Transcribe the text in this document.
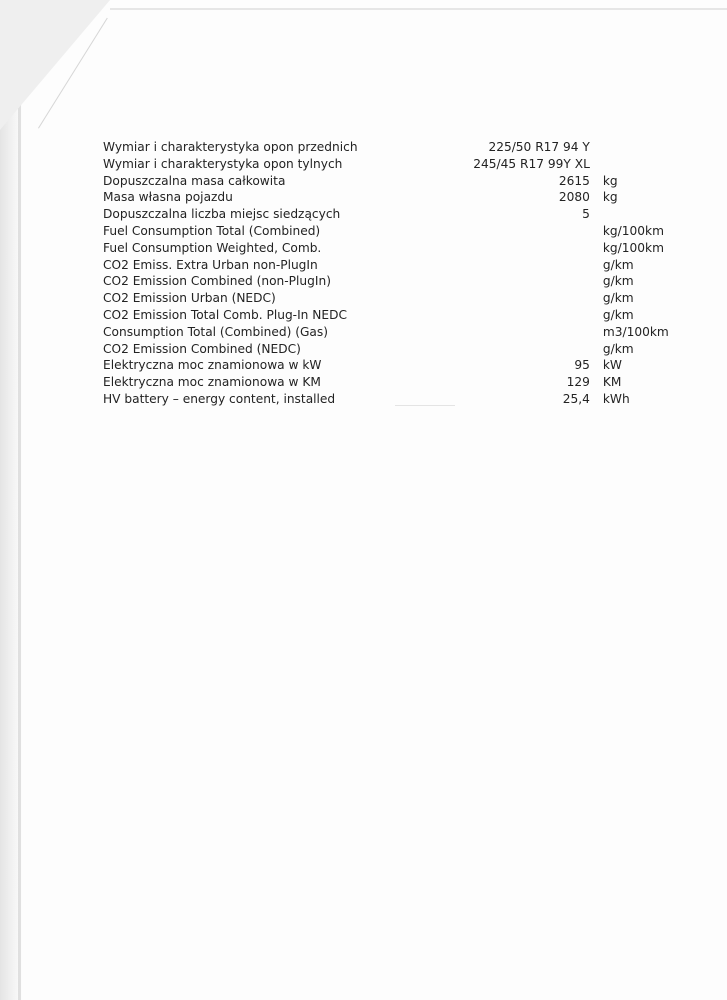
Wymiar i charakterystyka opon przednich	225/50 R17 94 Y	
Wymiar i charakterystyka opon tylnych	245/45 R17 99Y XL	
Dopuszczalna masa całkowita	2615	kg
Masa własna pojazdu	2080	kg
Dopuszczalna liczba miejsc siedzących	5	
Fuel Consumption Total (Combined)		kg/100km
Fuel Consumption Weighted, Comb.		kg/100km
CO2 Emiss. Extra Urban non-PlugIn		g/km
CO2 Emission Combined (non-PlugIn)		g/km
CO2 Emission Urban (NEDC)		g/km
CO2 Emission Total Comb. Plug-In NEDC		g/km
Consumption Total (Combined) (Gas)		m3/100km
CO2 Emission Combined (NEDC)		g/km
Elektryczna moc znamionowa w kW	95	kW
Elektryczna moc znamionowa w KM	129	KM
HV battery – energy content, installed	25,4	kWh
